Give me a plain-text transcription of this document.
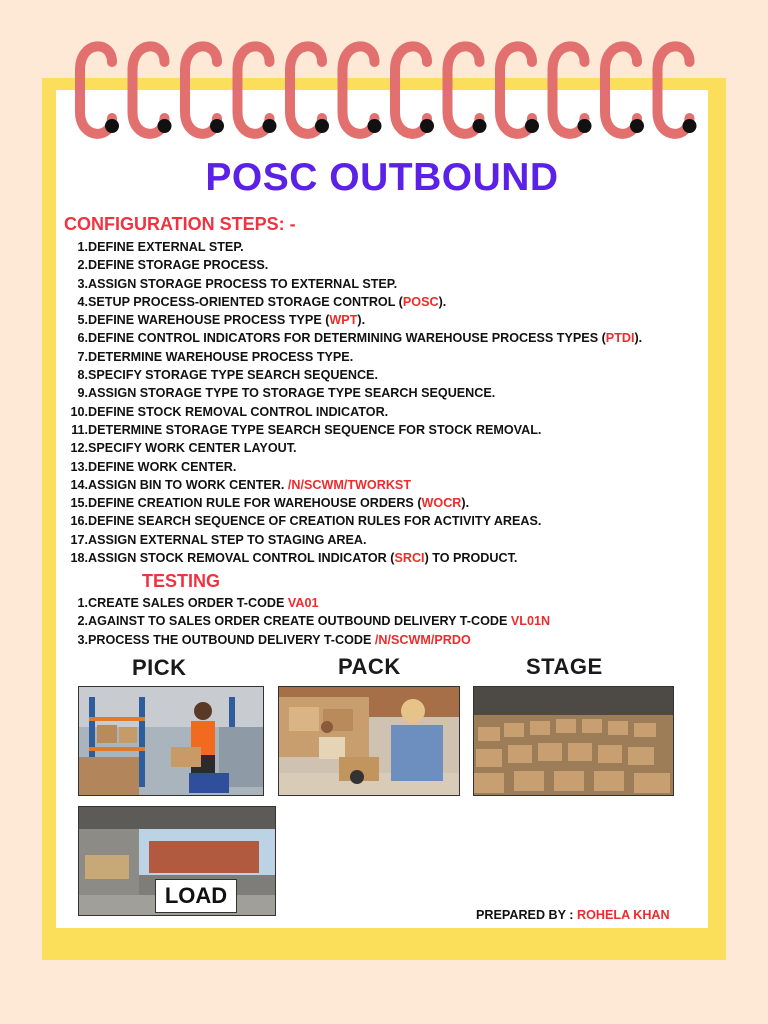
POSC OUTBOUND
CONFIGURATION STEPS: -
1. DEFINE EXTERNAL STEP.
2. DEFINE STORAGE PROCESS.
3. ASSIGN STORAGE PROCESS TO EXTERNAL STEP.
4. SETUP PROCESS-ORIENTED STORAGE CONTROL (POSC).
5. DEFINE WAREHOUSE PROCESS TYPE (WPT).
6. DEFINE CONTROL INDICATORS FOR DETERMINING WAREHOUSE PROCESS TYPES (PTDI).
7. DETERMINE WAREHOUSE PROCESS TYPE.
8. SPECIFY STORAGE TYPE SEARCH SEQUENCE.
9. ASSIGN STORAGE TYPE TO STORAGE TYPE SEARCH SEQUENCE.
10. DEFINE STOCK REMOVAL CONTROL INDICATOR.
11. DETERMINE STORAGE TYPE SEARCH SEQUENCE FOR STOCK REMOVAL.
12. SPECIFY WORK CENTER LAYOUT.
13. DEFINE WORK CENTER.
14. ASSIGN BIN TO WORK CENTER. /N/SCWM/TWORKST
15. DEFINE CREATION RULE FOR WAREHOUSE ORDERS (WOCR).
16. DEFINE SEARCH SEQUENCE OF CREATION RULES FOR ACTIVITY AREAS.
17. ASSIGN EXTERNAL STEP TO STAGING AREA.
18. ASSIGN STOCK REMOVAL CONTROL INDICATOR (SRCI) TO PRODUCT.
TESTING
1. CREATE SALES ORDER T-CODE VA01
2. AGAINST TO SALES ORDER CREATE OUTBOUND DELIVERY T-CODE VL01N
3. PROCESS THE OUTBOUND DELIVERY T-CODE /N/SCWM/PRDO
PICK	PACK	STAGE
LOAD
PREPARED BY : ROHELA KHAN
